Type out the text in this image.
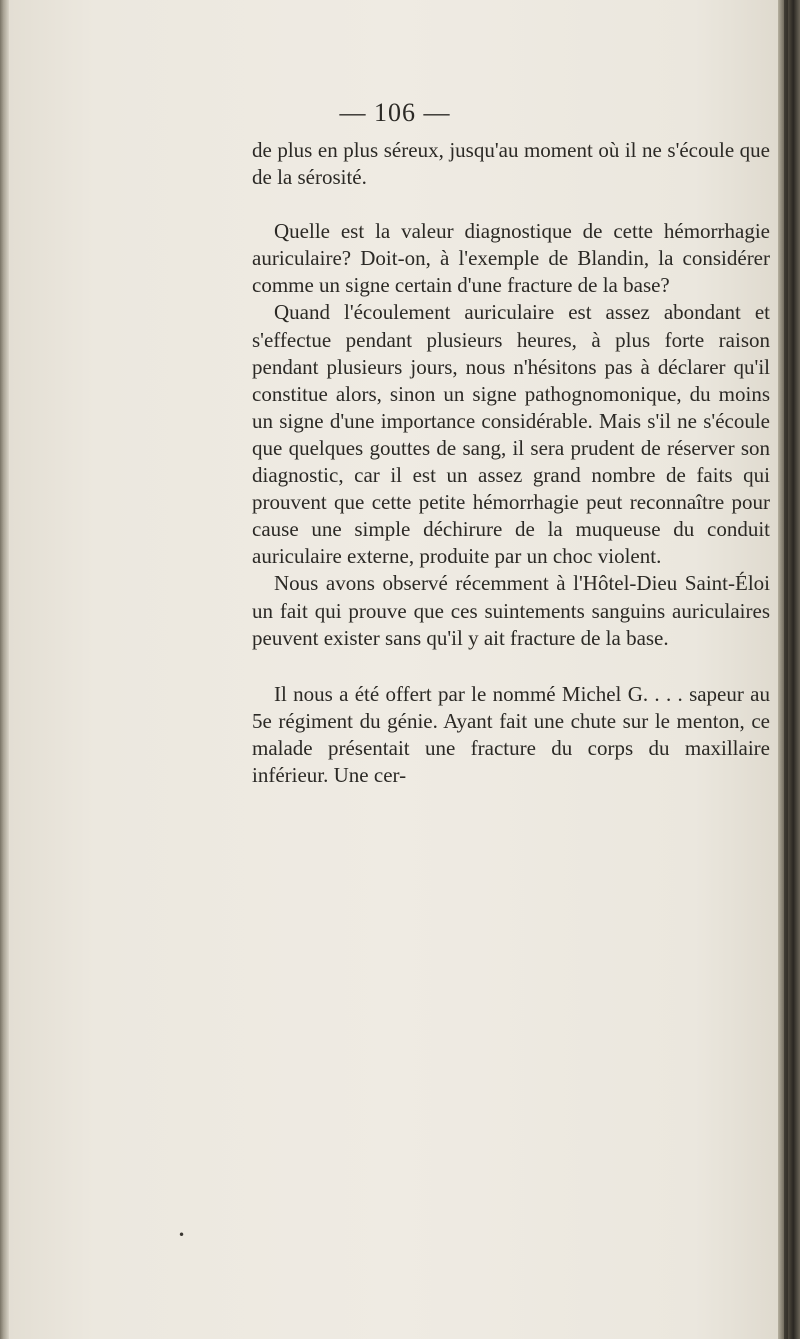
— 106 —

de plus en plus séreux, jusqu'au moment où il ne s'écoule que de la sérosité.

Quelle est la valeur diagnostique de cette hémorrhagie auriculaire? Doit-on, à l'exemple de Blandin, la considérer comme un signe certain d'une fracture de la base?

Quand l'écoulement auriculaire est assez abondant et s'effectue pendant plusieurs heures, à plus forte raison pendant plusieurs jours, nous n'hésitons pas à déclarer qu'il constitue alors, sinon un signe pathognomonique, du moins un signe d'une importance considérable. Mais s'il ne s'écoule que quelques gouttes de sang, il sera prudent de réserver son diagnostic, car il est un assez grand nombre de faits qui prouvent que cette petite hémorrhagie peut reconnaître pour cause une simple déchirure de la muqueuse du conduit auriculaire externe, produite par un choc violent.

Nous avons observé récemment à l'Hôtel-Dieu Saint-Éloi un fait qui prouve que ces suintements sanguins auriculaires peuvent exister sans qu'il y ait fracture de la base.

Il nous a été offert par le nommé Michel G. . . . sapeur au 5e régiment du génie. Ayant fait une chute sur le menton, ce malade présentait une fracture du corps du maxillaire inférieur. Une cer-

•
